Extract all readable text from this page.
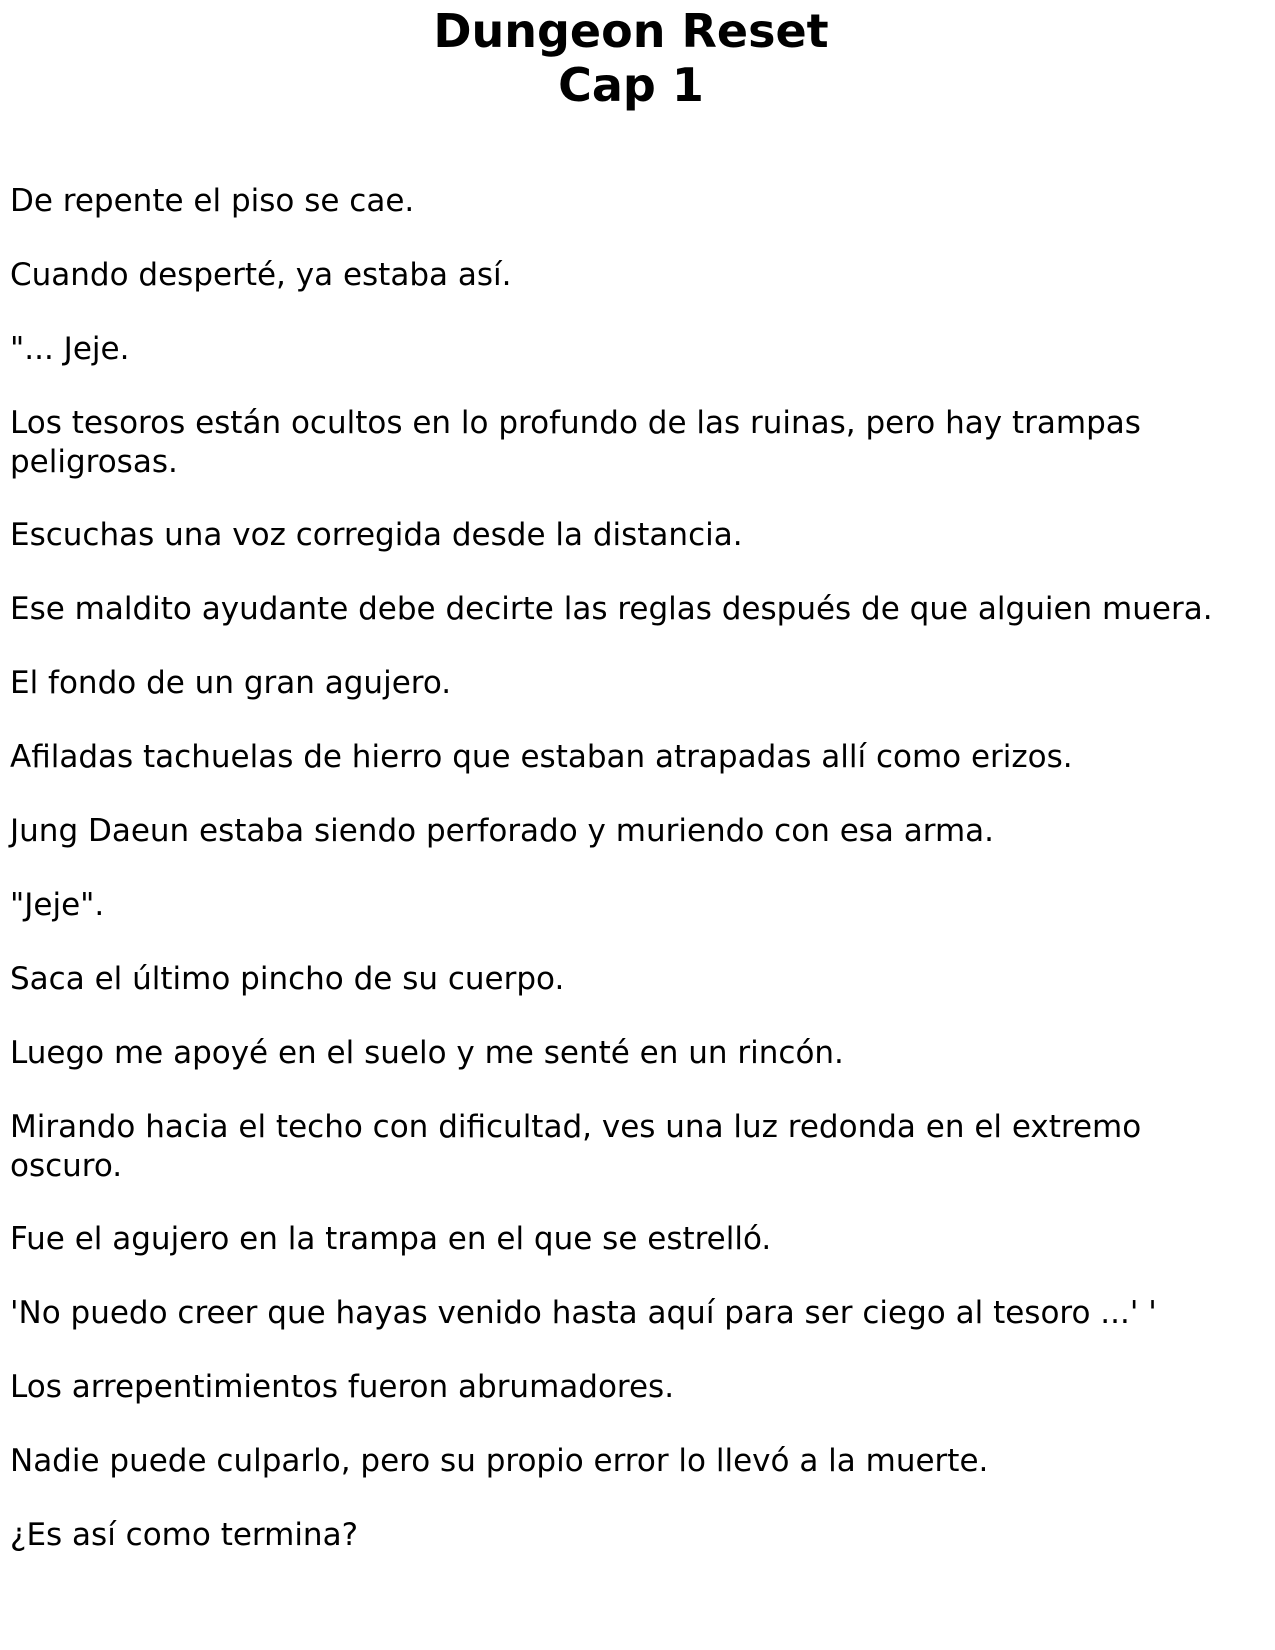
Dungeon Reset
Cap 1
De repente el piso se cae.
Cuando desperté, ya estaba así.
"... Jeje.
Los tesoros están ocultos en lo profundo de las ruinas, pero hay trampas
peligrosas.
Escuchas una voz corregida desde la distancia.
Ese maldito ayudante debe decirte las reglas después de que alguien muera.
El fondo de un gran agujero.
Afiladas tachuelas de hierro que estaban atrapadas allí como erizos.
Jung Daeun estaba siendo perforado y muriendo con esa arma.
"Jeje".
Saca el último pincho de su cuerpo.
Luego me apoyé en el suelo y me senté en un rincón.
Mirando hacia el techo con dificultad, ves una luz redonda en el extremo
oscuro.
Fue el agujero en la trampa en el que se estrelló.
'No puedo creer que hayas venido hasta aquí para ser ciego al tesoro ...' '
Los arrepentimientos fueron abrumadores.
Nadie puede culparlo, pero su propio error lo llevó a la muerte.
¿Es así como termina?
